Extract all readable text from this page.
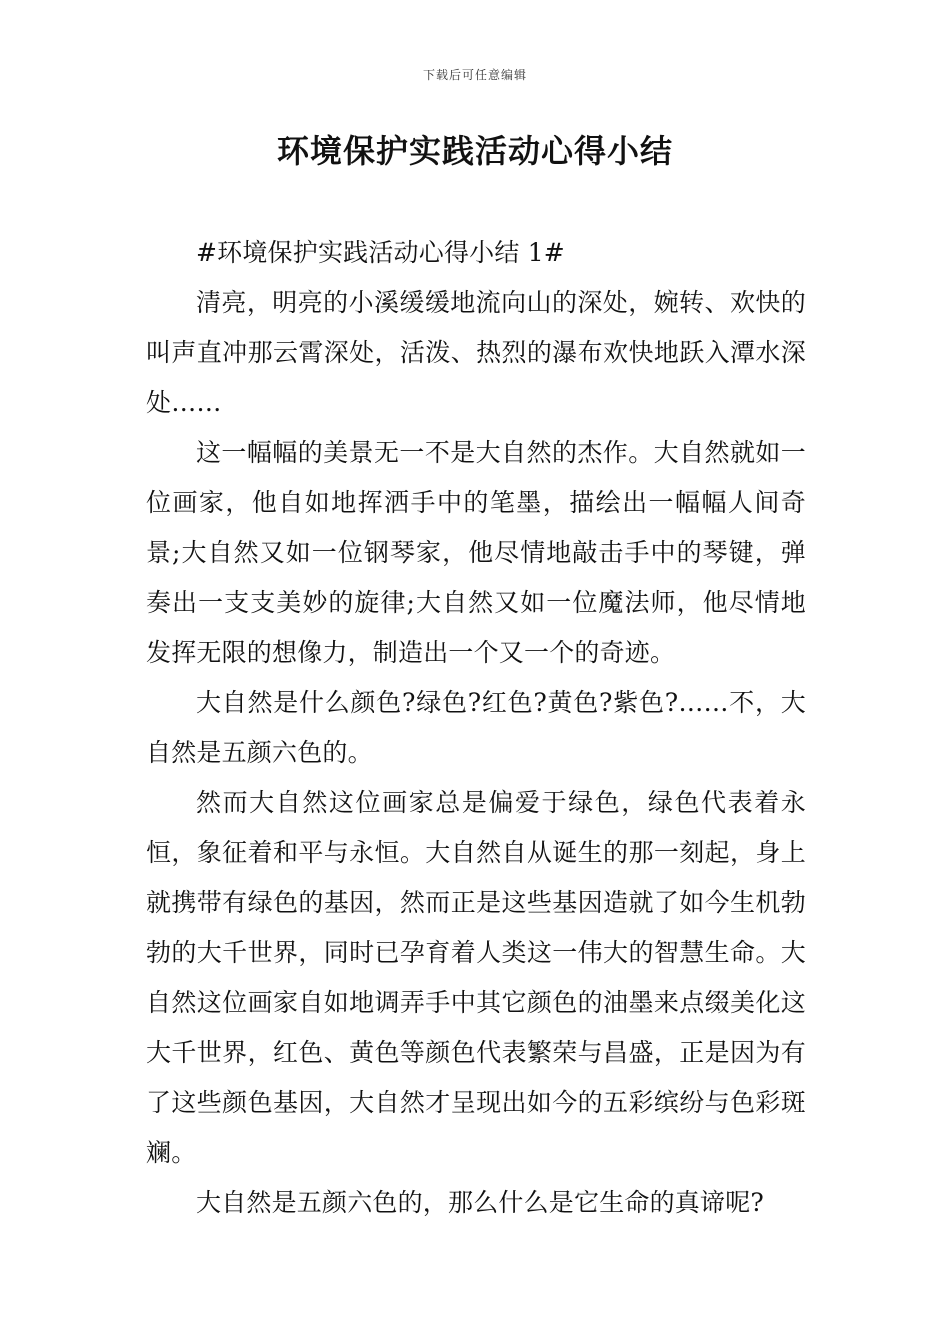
下载后可任意编辑
环境保护实践活动心得小结

#环境保护实践活动心得小结 1#

清亮，明亮的小溪缓缓地流向山的深处，婉转、欢快的叫声直冲那云霄深处，活泼、热烈的瀑布欢快地跃入潭水深处……

这一幅幅的美景无一不是大自然的杰作。大自然就如一位画家，他自如地挥洒手中的笔墨，描绘出一幅幅人间奇景;大自然又如一位钢琴家，他尽情地敲击手中的琴键，弹奏出一支支美妙的旋律;大自然又如一位魔法师，他尽情地发挥无限的想像力，制造出一个又一个的奇迹。

大自然是什么颜色?绿色?红色?黄色?紫色?……不，大自然是五颜六色的。

然而大自然这位画家总是偏爱于绿色，绿色代表着永恒，象征着和平与永恒。大自然自从诞生的那一刻起，身上就携带有绿色的基因，然而正是这些基因造就了如今生机勃勃的大千世界，同时已孕育着人类这一伟大的智慧生命。大自然这位画家自如地调弄手中其它颜色的油墨来点缀美化这大千世界，红色、黄色等颜色代表繁荣与昌盛，正是因为有了这些颜色基因，大自然才呈现出如今的五彩缤纷与色彩斑斓。

大自然是五颜六色的，那么什么是它生命的真谛呢?
